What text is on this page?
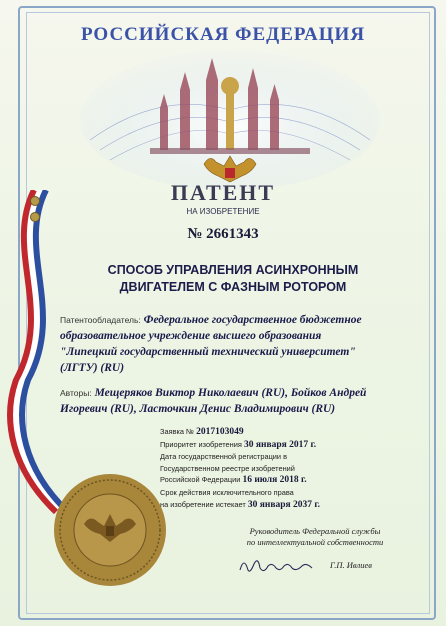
РОССИЙСКАЯ ФЕДЕРАЦИЯ
ПАТЕНТ
НА ИЗОБРЕТЕНИЕ
№ 2661343
СПОСОБ УПРАВЛЕНИЯ АСИНХРОННЫМ
ДВИГАТЕЛЕМ С ФАЗНЫМ РОТОРОМ
Патентообладатель: Федеральное государственное бюджетное
образовательное учреждение высшего образования
"Липецкий государственный технический университет"
(ЛГТУ) (RU)
Авторы: Мещеряков Виктор Николаевич (RU), Бойков Андрей
Игоревич (RU), Ласточкин Денис Владимирович (RU)
Заявка № 2017103049
Приоритет изобретения 30 января 2017 г.
Дата государственной регистрации в
Государственном реестре изобретений
Российской Федерации 16 июля 2018 г.
Срок действия исключительного права
на изобретение истекает 30 января 2037 г.
Руководитель Федеральной службы
по интеллектуальной собственности
Г.П. Ивлиев
